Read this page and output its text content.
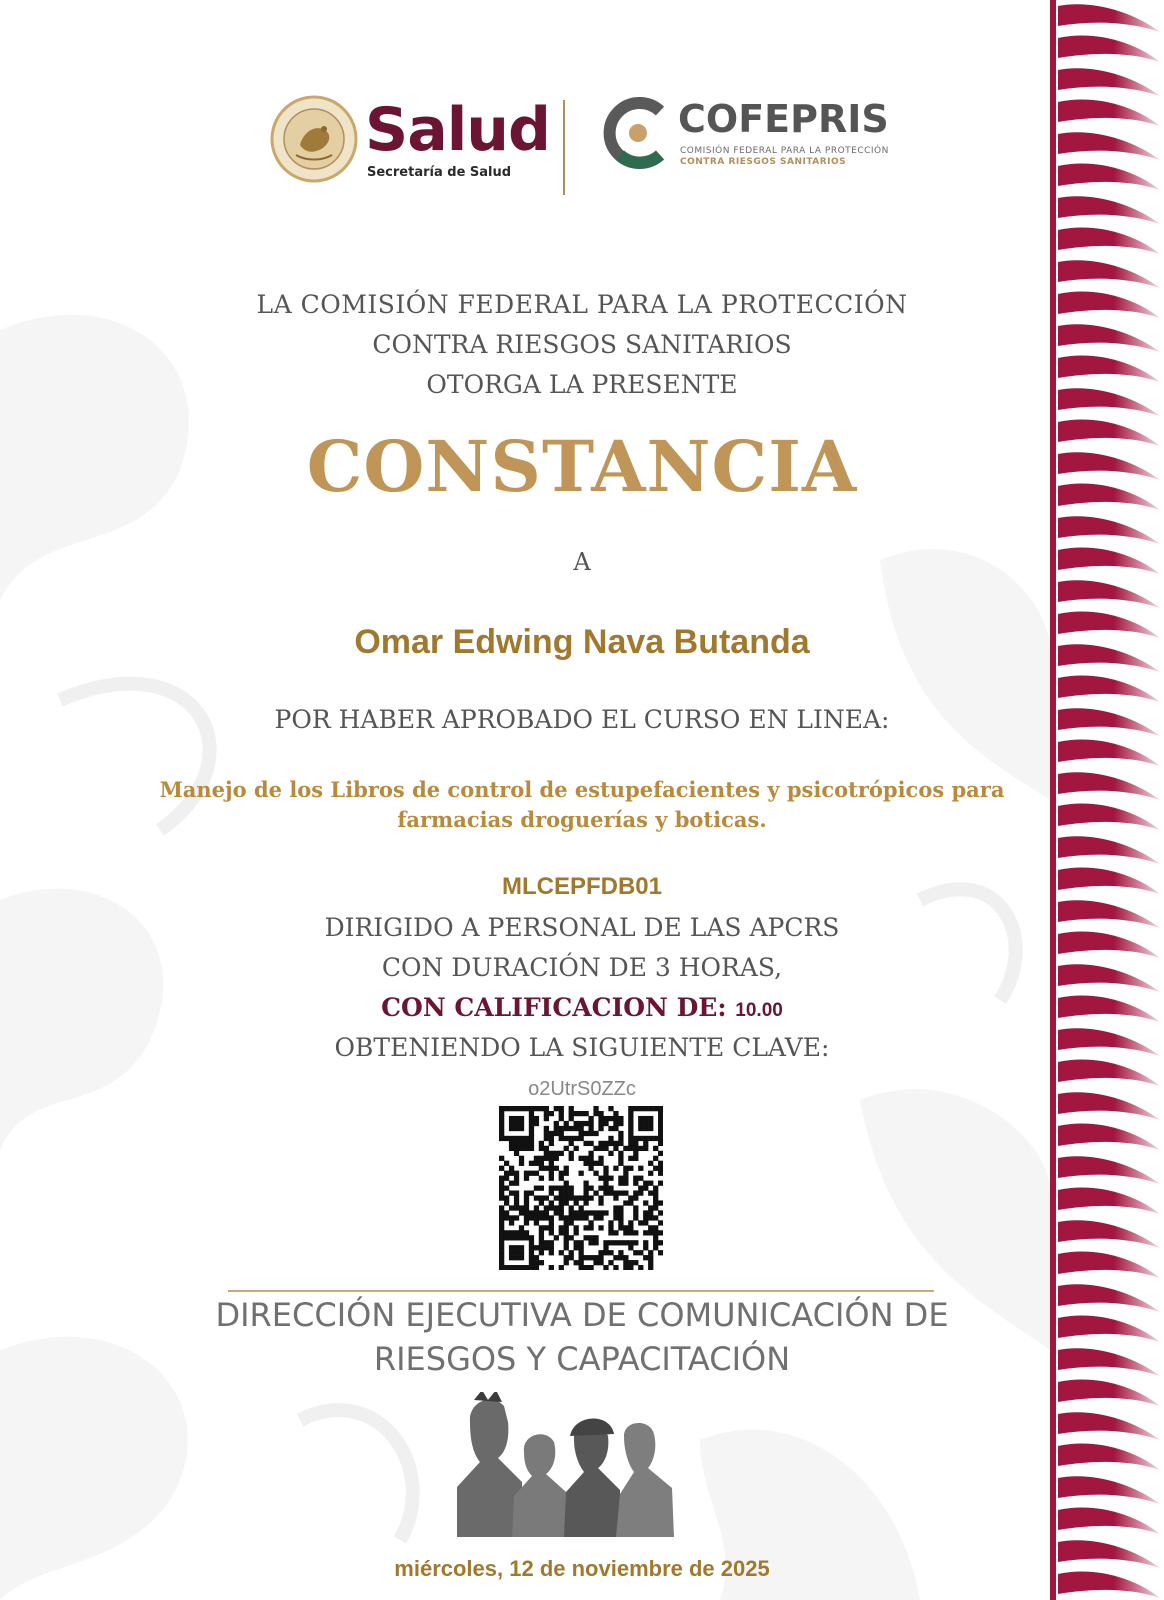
Salud
Secretaría de Salud
COFEPRIS
COMISIÓN FEDERAL PARA LA PROTECCIÓN
CONTRA RIESGOS SANITARIOS
LA COMISIÓN FEDERAL PARA LA PROTECCIÓN
CONTRA RIESGOS SANITARIOS
OTORGA LA PRESENTE
CONSTANCIA
A
Omar Edwing Nava Butanda
POR HABER APROBADO EL CURSO EN LINEA:
Manejo de los Libros de control de estupefacientes y psicotrópicos para
farmacias droguerías y boticas.
MLCEPFDB01
DIRIGIDO A PERSONAL DE LAS APCRS
CON DURACIÓN DE 3 HORAS,
CON CALIFICACION DE: 10.00
OBTENIENDO LA SIGUIENTE CLAVE:
o2UtrS0ZZc
DIRECCIÓN EJECUTIVA DE COMUNICACIÓN DE
RIESGOS Y CAPACITACIÓN
miércoles, 12 de noviembre de 2025
